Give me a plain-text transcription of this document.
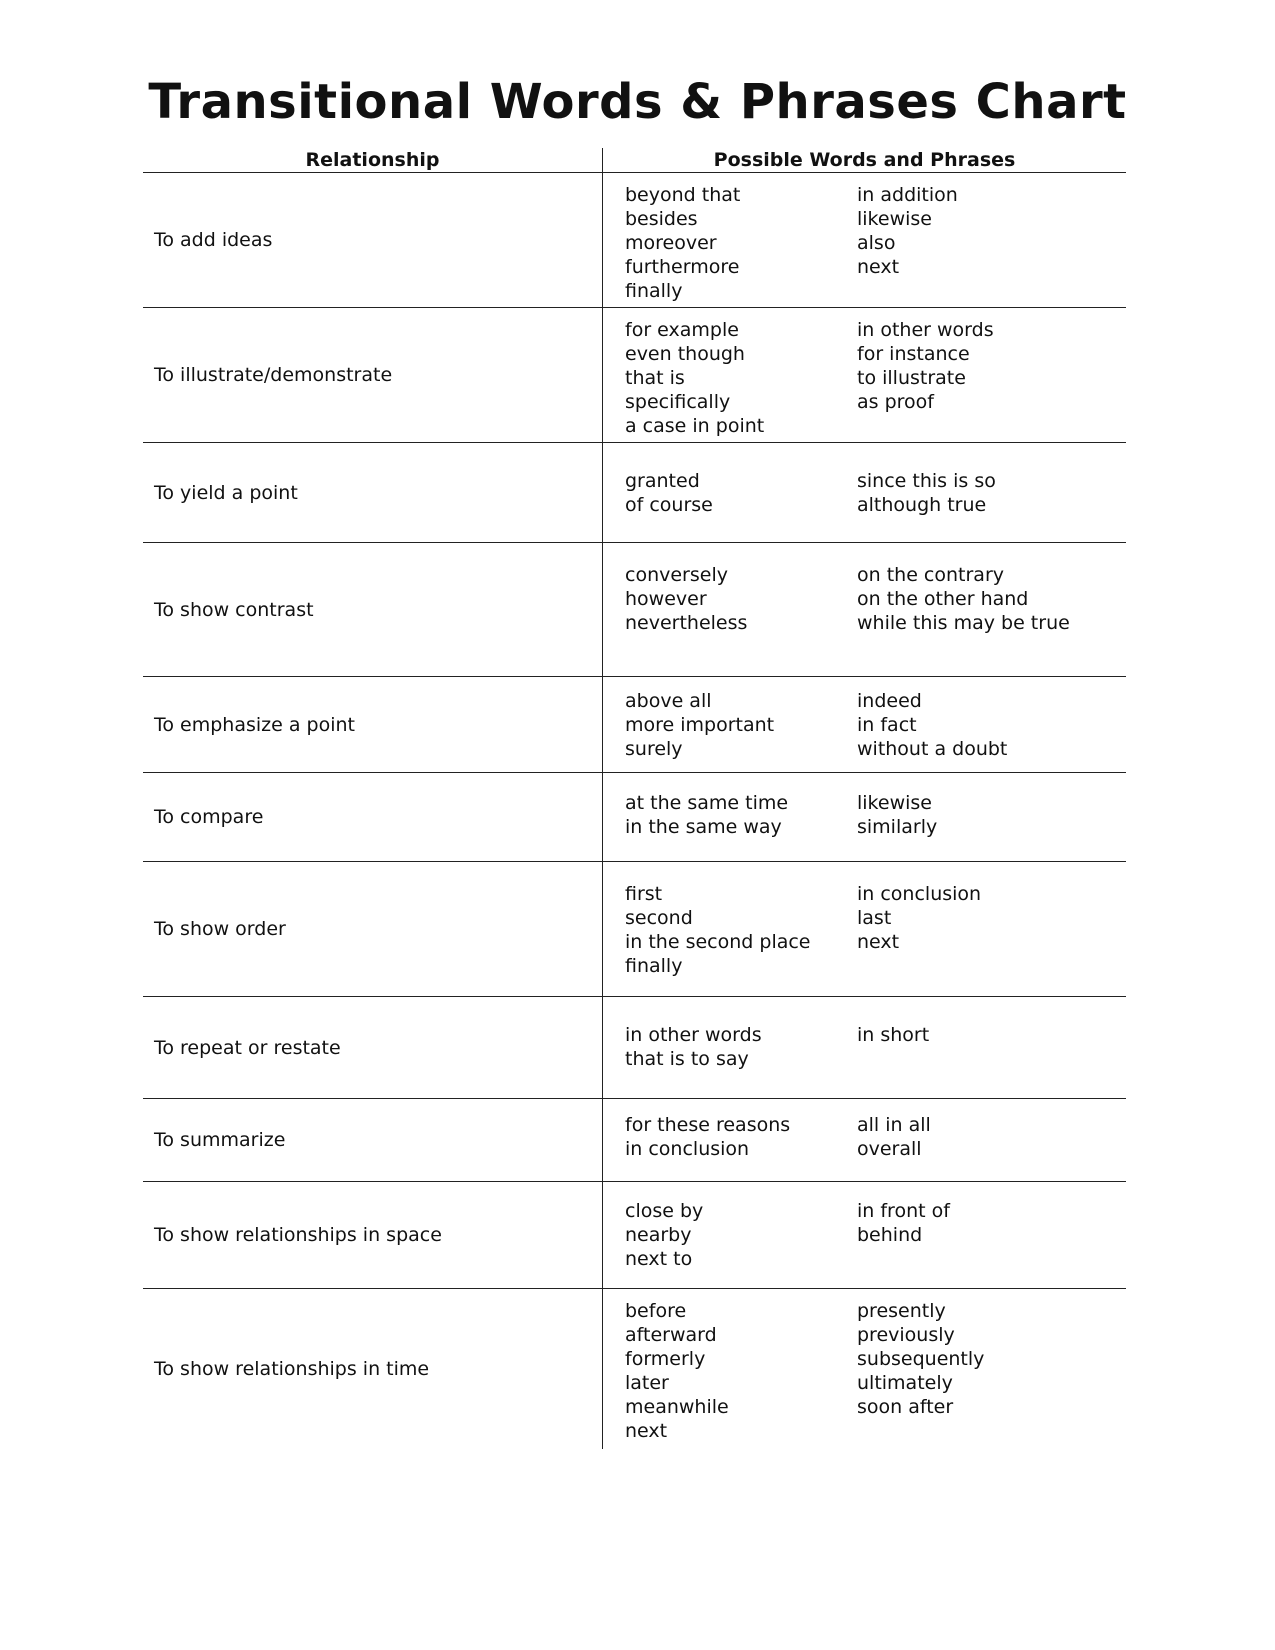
Transitional Words & Phrases Chart
Relationship	Possible Words and Phrases
To add ideas
beyond that
besides
moreover
furthermore
finally
in addition
likewise
also
next
To illustrate/demonstrate
for example
even though
that is
specifically
a case in point
in other words
for instance
to illustrate
as proof
To yield a point
granted
of course
since this is so
although true
To show contrast
conversely
however
nevertheless
on the contrary
on the other hand
while this may be true
To emphasize a point
above all
more important
surely
indeed
in fact
without a doubt
To compare
at the same time
in the same way
likewise
similarly
To show order
first
second
in the second place
finally
in conclusion
last
next
To repeat or restate
in other words
that is to say
in short
To summarize
for these reasons
in conclusion
all in all
overall
To show relationships in space
close by
nearby
next to
in front of
behind
To show relationships in time
before
afterward
formerly
later
meanwhile
next
presently
previously
subsequently
ultimately
soon after
